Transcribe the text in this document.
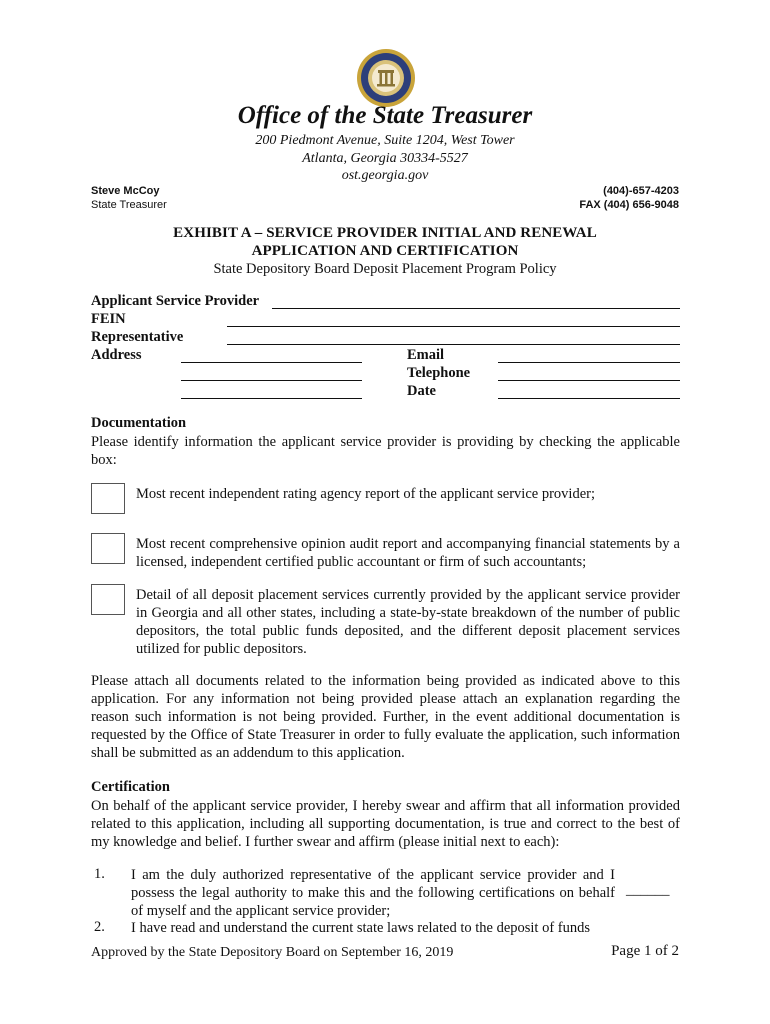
Office of the State Treasurer
200 Piedmont Avenue, Suite 1204, West Tower
Atlanta, Georgia 30334-5527
ost.georgia.gov
Steve McCoy
State Treasurer
(404)-657-4203
FAX (404) 656-9048
EXHIBIT A – SERVICE PROVIDER INITIAL AND RENEWAL
APPLICATION AND CERTIFICATION
State Depository Board Deposit Placement Program Policy
Applicant Service Provider
FEIN
Representative
Address	Email
Telephone
Date
Documentation
Please identify information the applicant service provider is providing by checking the applicable box:
Most recent independent rating agency report of the applicant service provider;
Most recent comprehensive opinion audit report and accompanying financial statements by a licensed, independent certified public accountant or firm of such accountants;
Detail of all deposit placement services currently provided by the applicant service provider in Georgia and all other states, including a state-by-state breakdown of the number of public depositors, the total public funds deposited, and the different deposit placement services utilized for public depositors.
Please attach all documents related to the information being provided as indicated above to this application. For any information not being provided please attach an explanation regarding the reason such information is not being provided. Further, in the event additional documentation is requested by the Office of State Treasurer in order to fully evaluate the application, such information shall be submitted as an addendum to this application.
Certification
On behalf of the applicant service provider, I hereby swear and affirm that all information provided related to this application, including all supporting documentation, is true and correct to the best of my knowledge and belief. I further swear and affirm (please initial next to each):
1. I am the duly authorized representative of the applicant service provider and I possess the legal authority to make this and the following certifications on behalf of myself and the applicant service provider;
______
2. I have read and understand the current state laws related to the deposit of funds
Approved by the State Depository Board on September 16, 2019	Page 1 of 2
